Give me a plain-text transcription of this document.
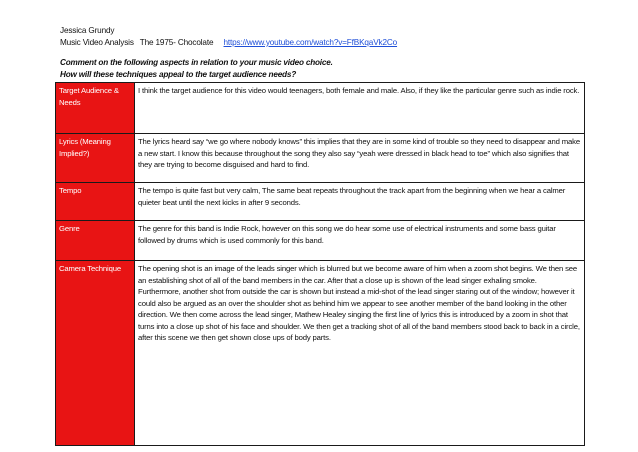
Jessica Grundy
Music Video Analysis The 1975- Chocolate https://www.youtube.com/watch?v=FfBKqaVk2Co
Comment on the following aspects in relation to your music video choice.
How will these techniques appeal to the target audience needs?
Target Audience & Needs	I think the target audience for this video would teenagers, both female and male. Also, if they like the particular genre such as indie rock.
Lyrics (Meaning Implied?)	The lyrics heard say “we go where nobody knows” this implies that they are in some kind of trouble so they need to disappear and make a new start. I know this because throughout the song they also say “yeah were dressed in black head to toe” which also signifies that they are trying to become disguised and hard to find.
Tempo	The tempo is quite fast but very calm, The same beat repeats throughout the track apart from the beginning when we hear a calmer quieter beat until the next kicks in after 9 seconds.
Genre	The genre for this band is Indie Rock, however on this song we do hear some use of electrical instruments and some bass guitar followed by drums which is used commonly for this band.
Camera Technique	The opening shot is an image of the leads singer which is blurred but we become aware of him when a zoom shot begins. We then see an establishing shot of all of the band members in the car. After that a close up is shown of the lead singer exhaling smoke. Furthermore, another shot from outside the car is shown but instead a mid-shot of the lead singer staring out of the window; however it could also be argued as an over the shoulder shot as behind him we appear to see another member of the band looking in the other direction. We then come across the lead singer, Mathew Healey singing the first line of lyrics this is introduced by a zoom in shot that turns into a close up shot of his face and shoulder. We then get a tracking shot of all of the band members stood back to back in a circle, after this scene we then get shown close ups of body parts.
